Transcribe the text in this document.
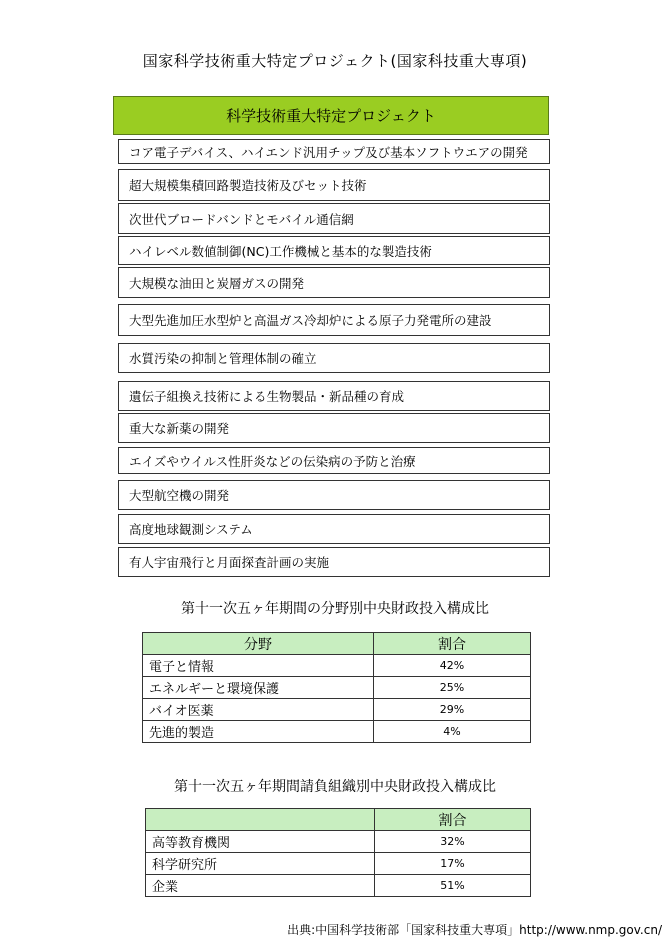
国家科学技術重大特定プロジェクト(国家科技重大専項)
科学技術重大特定プロジェクト
コア電子デバイス、ハイエンド汎用チップ及び基本ソフトウエアの開発
超大規模集積回路製造技術及びセット技術
次世代ブロードバンドとモバイル通信網
ハイレベル数値制御(NC)工作機械と基本的な製造技術
大規模な油田と炭層ガスの開発
大型先進加圧水型炉と高温ガス冷却炉による原子力発電所の建設
水質汚染の抑制と管理体制の確立
遺伝子組換え技術による生物製品・新品種の育成
重大な新薬の開発
エイズやウイルス性肝炎などの伝染病の予防と治療
大型航空機の開発
高度地球観測システム
有人宇宙飛行と月面探査計画の実施
第十一次五ヶ年期間の分野別中央財政投入構成比
分野	割合
電子と情報	42%
エネルギーと環境保護	25%
バイオ医薬	29%
先進的製造	4%
第十一次五ヶ年期間請負組織別中央財政投入構成比
	割合
高等教育機関	32%
科学研究所	17%
企業	51%
出典:中国科学技術部「国家科技重大専項」http://www.nmp.gov.cn/
